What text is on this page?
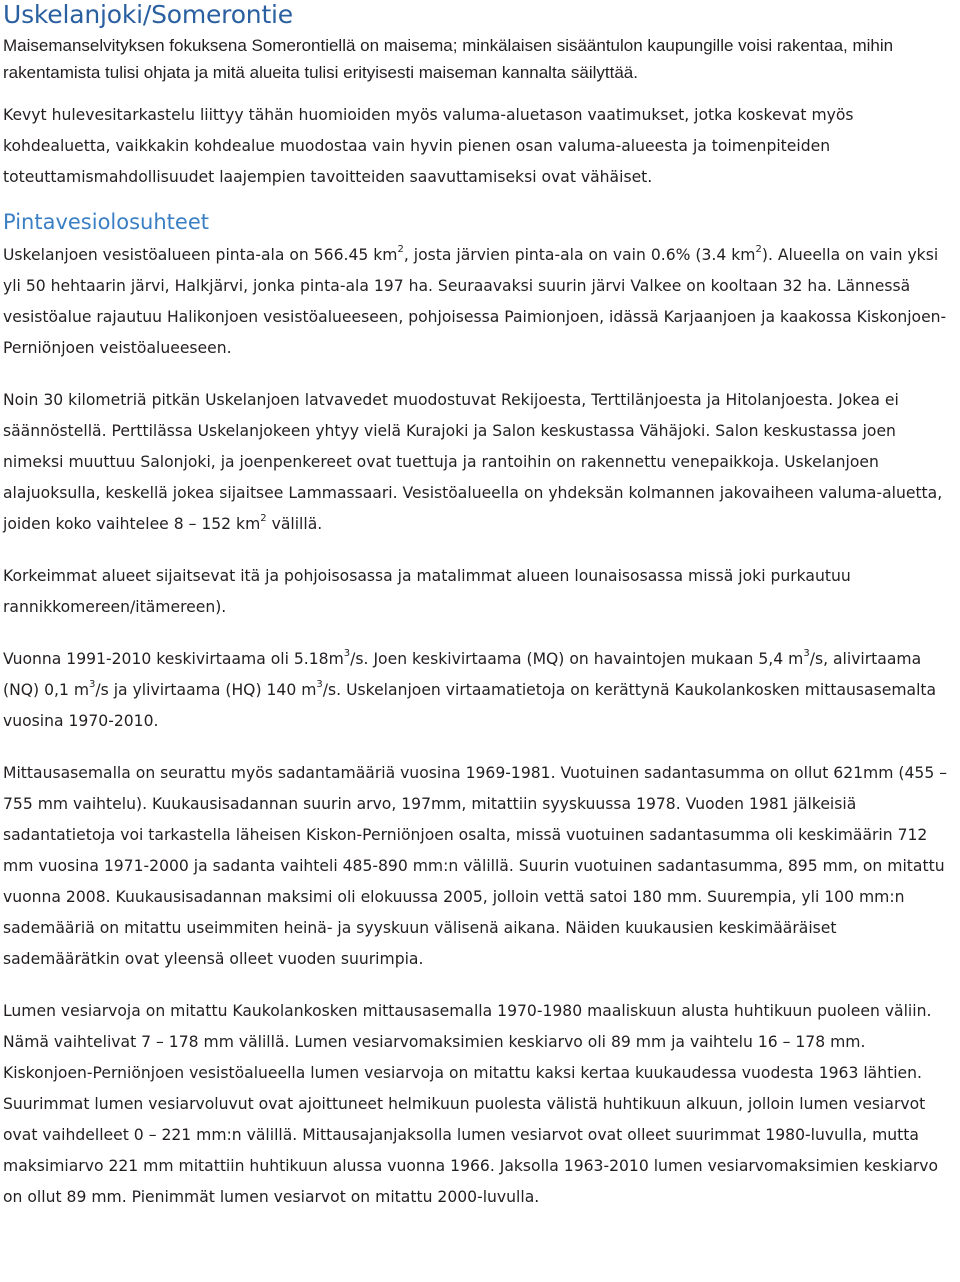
Uskelanjoki/Somerontie

Maisemanselvityksen fokuksena Somerontiellä on maisema; minkälaisen sisääntulon kaupungille voisi rakentaa, mihin rakentamista tulisi ohjata ja mitä alueita tulisi erityisesti maiseman kannalta säilyttää.

Kevyt hulevesitarkastelu liittyy tähän huomioiden myös valuma-aluetason vaatimukset, jotka koskevat myös kohdealuetta, vaikkakin kohdealue muodostaa vain hyvin pienen osan valuma-alueesta ja toimenpiteiden toteuttamismahdollisuudet laajempien tavoitteiden saavuttamiseksi ovat vähäiset.

Pintavesiolosuhteet

Uskelanjoen vesistöalueen pinta-ala on 566.45 $km^2$, josta järvien pinta-ala on vain 0.6% (3.4 $km^2$). Alueella on vain yksi yli 50 hehtaarin järvi, Halkjärvi, jonka pinta-ala 197 ha. Seuraavaksi suurin järvi Valkee on kooltaan 32 ha. Lännessä vesistöalue rajautuu Halikonjoen vesistöalueeseen, pohjoisessa Paimionjoen, idässä Karjaanjoen ja kaakossa Kiskonjoen-Perniönjoen veistöalueeseen.

Noin 30 kilometriä pitkän Uskelanjoen latvavedet muodostuvat Rekijoesta, Terttilänjoesta ja Hitolanjoesta. Jokea ei säännöstellä. Perttilässa Uskelanjokeen yhtyy vielä Kurajoki ja Salon keskustassa Vähäjoki. Salon keskustassa joen nimeksi muuttuu Salonjoki, ja joenpenkereet ovat tuettuja ja rantoihin on rakennettu venepaikkoja. Uskelanjoen alajuoksulla, keskellä jokea sijaitsee Lammassaari. Vesistöalueella on yhdeksän kolmannen jakovaiheen valuma-aluetta, joiden koko vaihtelee 8 – 152 $km^2$ välillä.

Korkeimmat alueet sijaitsevat itä ja pohjoisosassa ja matalimmat alueen lounaisosassa missä joki purkautuu rannikkomereen/itämereen).

Vuonna 1991-2010 keskivirtaama oli $5.18m^3/s$. Joen keskivirtaama (MQ) on havaintojen mukaan 5,4 $m^3/s$, alivirtaama (NQ) 0,1 $m^3/s$ ja ylivirtaama (HQ) 140 $m^3/s$. Uskelanjoen virtaamatietoja on kerättynä Kaukolankosken mittausasemalta vuosina 1970-2010.

Mittausasemalla on seurattu myös sadantamääriä vuosina 1969-1981. Vuotuinen sadantasumma on ollut 621mm (455 – 755 mm vaihtelu). Kuukausisadannan suurin arvo, 197mm, mitattiin syyskuussa 1978. Vuoden 1981 jälkeisiä sadantatietoja voi tarkastella läheisen Kiskon-Perniönjoen osalta, missä vuotuinen sadantasumma oli keskimäärin 712 mm vuosina 1971-2000 ja sadanta vaihteli 485-890 mm:n välillä. Suurin vuotuinen sadantasumma, 895 mm, on mitattu vuonna 2008. Kuukausisadannan maksimi oli elokuussa 2005, jolloin vettä satoi 180 mm. Suurempia, yli 100 mm:n sademääriä on mitattu useimmiten heinä- ja syyskuun välisenä aikana. Näiden kuukausien keskimääräiset sademäärätkin ovat yleensä olleet vuoden suurimpia.

Lumen vesiarvoja on mitattu Kaukolankosken mittausasemalla 1970-1980 maaliskuun alusta huhtikuun puoleen väliin. Nämä vaihtelivat 7 – 178 mm välillä. Lumen vesiarvomaksimien keskiarvo oli 89 mm ja vaihtelu 16 – 178 mm. Kiskonjoen-Perniönjoen vesistöalueella lumen vesiarvoja on mitattu kaksi kertaa kuukaudessa vuodesta 1963 lähtien. Suurimmat lumen vesiarvoluvut ovat ajoittuneet helmikuun puolesta välistä huhtikuun alkuun, jolloin lumen vesiarvot ovat vaihdelleet 0 – 221 mm:n välillä. Mittausajanjaksolla lumen vesiarvot ovat olleet suurimmat 1980-luvulla, mutta maksimiarvo 221 mm mitattiin huhtikuun alussa vuonna 1966. Jaksolla 1963-2010 lumen vesiarvomaksimien keskiarvo on ollut 89 mm. Pienimmät lumen vesiarvot on mitattu 2000-luvulla.
